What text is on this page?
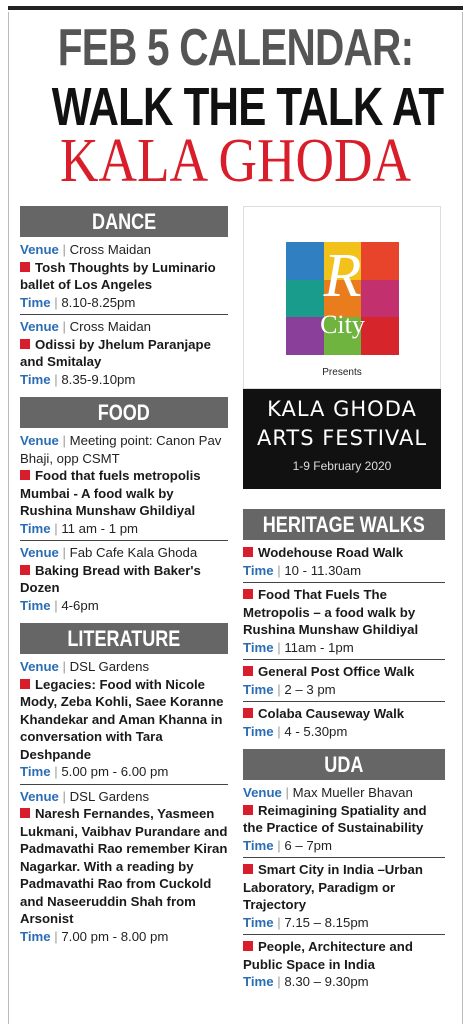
FEB 5 CALENDAR:
WALK THE TALK AT
KALA GHODA
DANCE
Venue | Cross Maidan
Tosh Thoughts by Luminario ballet of Los Angeles
Time | 8.10-8.25pm
Venue | Cross Maidan
Odissi by Jhelum Paranjape and Smitalay
Time | 8.35-9.10pm
FOOD
Venue | Meeting point: Canon Pav Bhaji, opp CSMT
Food that fuels metropolis Mumbai - A food walk by Rushina Munshaw Ghildiyal
Time | 11 am - 1 pm
Venue | Fab Cafe Kala Ghoda
Baking Bread with Baker's Dozen
Time | 4-6pm
LITERATURE
Venue | DSL Gardens
Legacies: Food with Nicole Mody, Zeba Kohli, Saee Koranne Khandekar and Aman Khanna in conversation with Tara Deshpande
Time | 5.00 pm - 6.00 pm
Venue | DSL Gardens
Naresh Fernandes, Yasmeen Lukmani, Vaibhav Purandare and Padmavathi Rao remember Kiran Nagarkar. With a reading by Padmavathi Rao from Cuckold and Naseeruddin Shah from Arsonist
Time | 7.00 pm - 8.00 pm
R
City
Presents
KALA GHODA
ARTS FESTIVAL
1-9 February 2020
HERITAGE WALKS
Wodehouse Road Walk
Time | 10 - 11.30am
Food That Fuels The Metropolis – a food walk by Rushina Munshaw Ghildiyal
Time | 11am - 1pm
General Post Office Walk
Time | 2 – 3 pm
Colaba Causeway Walk
Time | 4 - 5.30pm
UDA
Venue | Max Mueller Bhavan
Reimagining Spatiality and the Practice of Sustainability
Time | 6 – 7pm
Smart City in India –Urban Laboratory, Paradigm or Trajectory
Time | 7.15 – 8.15pm
People, Architecture and Public Space in India
Time | 8.30 – 9.30pm
